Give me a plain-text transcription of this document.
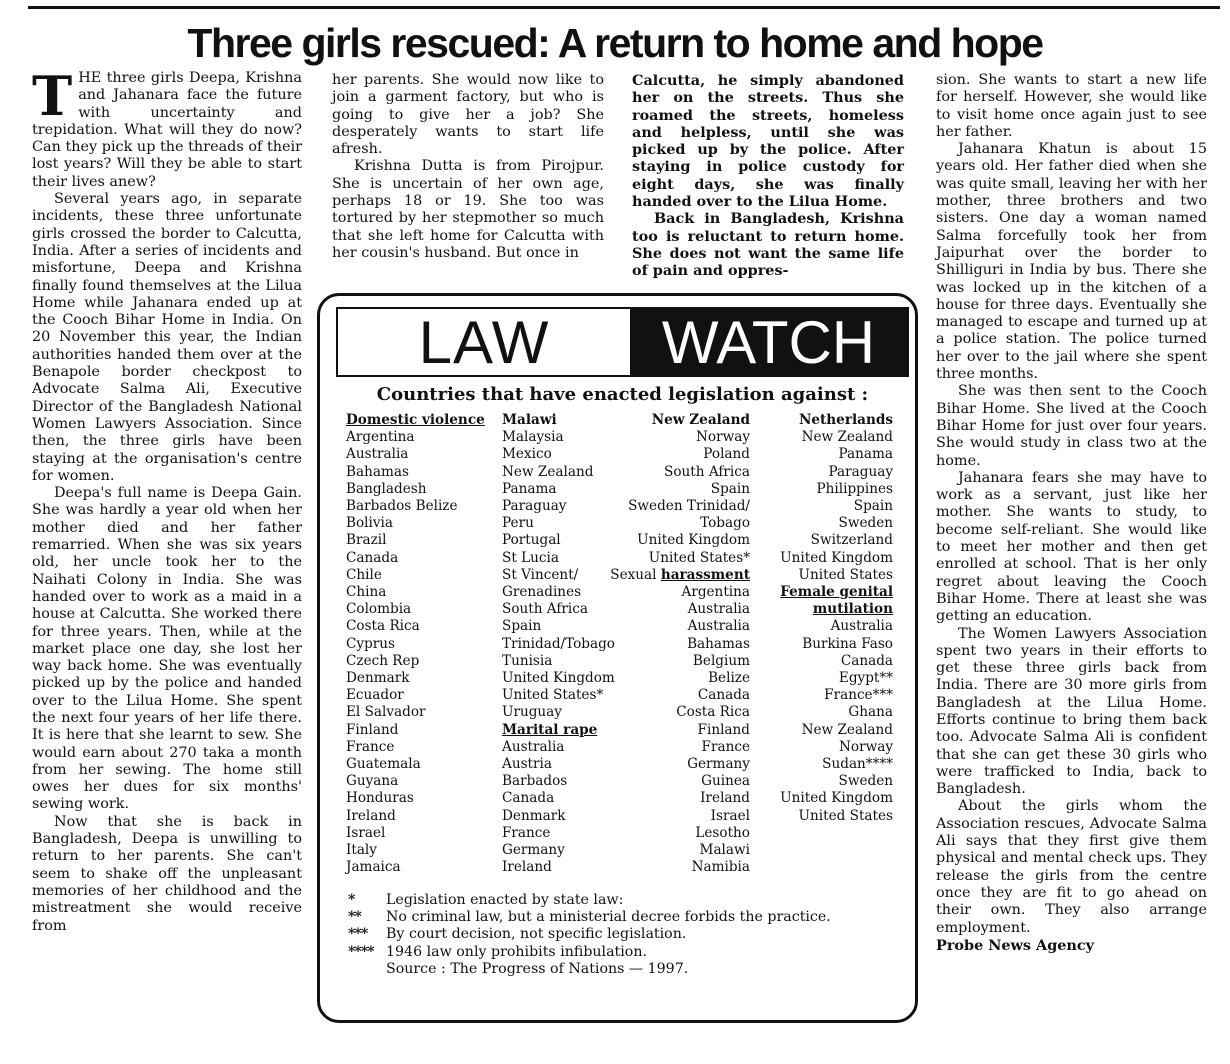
Three girls rescued: A return to home and hope

THE three girls Deepa, Krishna and Jahanara face the future with uncertainty and trepidation. What will they do now? Can they pick up the threads of their lost years? Will they be able to start their lives anew?

Several years ago, in separate incidents, these three unfortunate girls crossed the border to Calcutta, India. After a series of incidents and misfortune, Deepa and Krishna finally found themselves at the Lilua Home while Jahanara ended up at the Cooch Bihar Home in India. On 20 November this year, the Indian authorities handed them over at the Benapole border checkpost to Advocate Salma Ali, Executive Director of the Bangladesh National Women Lawyers Association. Since then, the three girls have been staying at the organisation's centre for women.

Deepa's full name is Deepa Gain. She was hardly a year old when her mother died and her father remarried. When she was six years old, her uncle took her to the Naihati Colony in India. She was handed over to work as a maid in a house at Calcutta. She worked there for three years. Then, while at the market place one day, she lost her way back home. She was eventually picked up by the police and handed over to the Lilua Home. She spent the next four years of her life there. It is here that she learnt to sew. She would earn about 270 taka a month from her sewing. The home still owes her dues for six months' sewing work.

Now that she is back in Bangladesh, Deepa is unwilling to return to her parents. She can't seem to shake off the unpleasant memories of her childhood and the mistreatment she would receive from

her parents. She would now like to join a garment factory, but who is going to give her a job? She desperately wants to start life afresh.

Krishna Dutta is from Pirojpur. She is uncertain of her own age, perhaps 18 or 19. She too was tortured by her stepmother so much that she left home for Calcutta with her cousin's husband. But once in

Calcutta, he simply abandoned her on the streets. Thus she roamed the streets, homeless and helpless, until she was picked up by the police. After staying in police custody for eight days, she was finally handed over to the Lilua Home.

Back in Bangladesh, Krishna too is reluctant to return home. She does not want the same life of pain and oppres-

sion. She wants to start a new life for herself. However, she would like to visit home once again just to see her father.

Jahanara Khatun is about 15 years old. Her father died when she was quite small, leaving her with her mother, three brothers and two sisters. One day a woman named Salma forcefully took her from Jaipurhat over the border to Shilliguri in India by bus. There she was locked up in the kitchen of a house for three days. Eventually she managed to escape and turned up at a police station. The police turned her over to the jail where she spent three months.

She was then sent to the Cooch Bihar Home. She lived at the Cooch Bihar Home for just over four years. She would study in class two at the home.

Jahanara fears she may have to work as a servant, just like her mother. She wants to study, to become self-reliant. She would like to meet her mother and then get enrolled at school. That is her only regret about leaving the Cooch Bihar Home. There at least she was getting an education.

The Women Lawyers Association spent two years in their efforts to get these three girls back from India. There are 30 more girls from Bangladesh at the Lilua Home. Efforts continue to bring them back too. Advocate Salma Ali is confident that she can get these 30 girls who were trafficked to India, back to Bangladesh.

About the girls whom the Association rescues, Advocate Salma Ali says that they first give them physical and mental check ups. They release the girls from the centre once they are fit to go ahead on their own. They also arrange employment.

Probe News Agency

LAW	WATCH
Countries that have enacted legislation against :
Domestic violence
Argentina
Australia
Bahamas
Bangladesh
Barbados Belize
Bolivia
Brazil
Canada
Chile
China
Colombia
Costa Rica
Cyprus
Czech Rep
Denmark
Ecuador
El Salvador
Finland
France
Guatemala
Guyana
Honduras
Ireland
Israel
Italy
Jamaica
Malawi
Malaysia
Mexico
New Zealand
Panama
Paraguay
Peru
Portugal
St Lucia
St Vincent/
Grenadines
South Africa
Spain
Trinidad/Tobago
Tunisia
United Kingdom
United States*
Uruguay
Marital rape
Australia
Austria
Barbados
Canada
Denmark
France
Germany
Ireland
New Zealand
Norway
Poland
South Africa
Spain
Sweden Trinidad/
Tobago
United Kingdom
United States*
Sexual harassment
Argentina
Australia
Australia
Bahamas
Belgium
Belize
Canada
Costa Rica
Finland
France
Germany
Guinea
Ireland
Israel
Lesotho
Malawi
Namibia
Netherlands
New Zealand
Panama
Paraguay
Philippines
Spain
Sweden
Switzerland
United Kingdom
United States
Female genital
mutilation
Australia
Burkina Faso
Canada
Egypt**
France***
Ghana
New Zealand
Norway
Sudan****
Sweden
United Kingdom
United States
*	Legislation enacted by state law:
**	No criminal law, but a ministerial decree forbids the practice.
***	By court decision, not specific legislation.
**** 1946 law only prohibits infibulation.
Source : The Progress of Nations — 1997.
